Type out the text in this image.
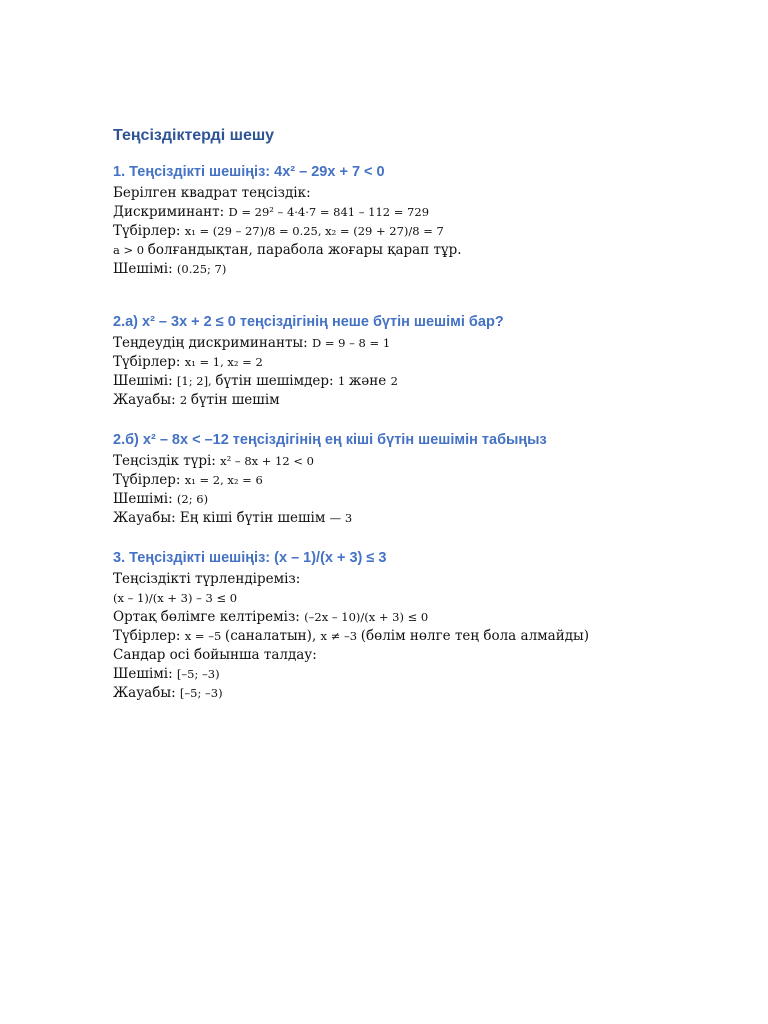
Теңсіздіктерді шешу
1. Теңсіздікті шешіңіз: 4x² – 29x + 7 < 0
Берілген квадрат теңсіздік:
Дискриминант: D = 29² – 4·4·7 = 841 – 112 = 729
Түбірлер: x₁ = (29 – 27)/8 = 0.25, x₂ = (29 + 27)/8 = 7
a > 0 болғандықтан, парабола жоғары қарап тұр.
Шешімі: (0.25; 7)
2.а) x² – 3x + 2 ≤ 0 теңсіздігінің неше бүтін шешімі бар?
Теңдеудің дискриминанты: D = 9 – 8 = 1
Түбірлер: x₁ = 1, x₂ = 2
Шешімі: [1; 2], бүтін шешімдер: 1 және 2
Жауабы: 2 бүтін шешім
2.б) x² – 8x < –12 теңсіздігінің ең кіші бүтін шешімін табыңыз
Теңсіздік түрі: x² – 8x + 12 < 0
Түбірлер: x₁ = 2, x₂ = 6
Шешімі: (2; 6)
Жауабы: Ең кіші бүтін шешім — 3
3. Теңсіздікті шешіңіз: (x – 1)/(x + 3) ≤ 3
Теңсіздікті түрлендіреміз:
(x – 1)/(x + 3) – 3 ≤ 0
Ортақ бөлімге келтіреміз: (–2x – 10)/(x + 3) ≤ 0
Түбірлер: x = –5 (саналатын), x ≠ –3 (бөлім нөлге тең бола алмайды)
Сандар осі бойынша талдау:
Шешімі: [–5; –3)
Жауабы: [–5; –3)
